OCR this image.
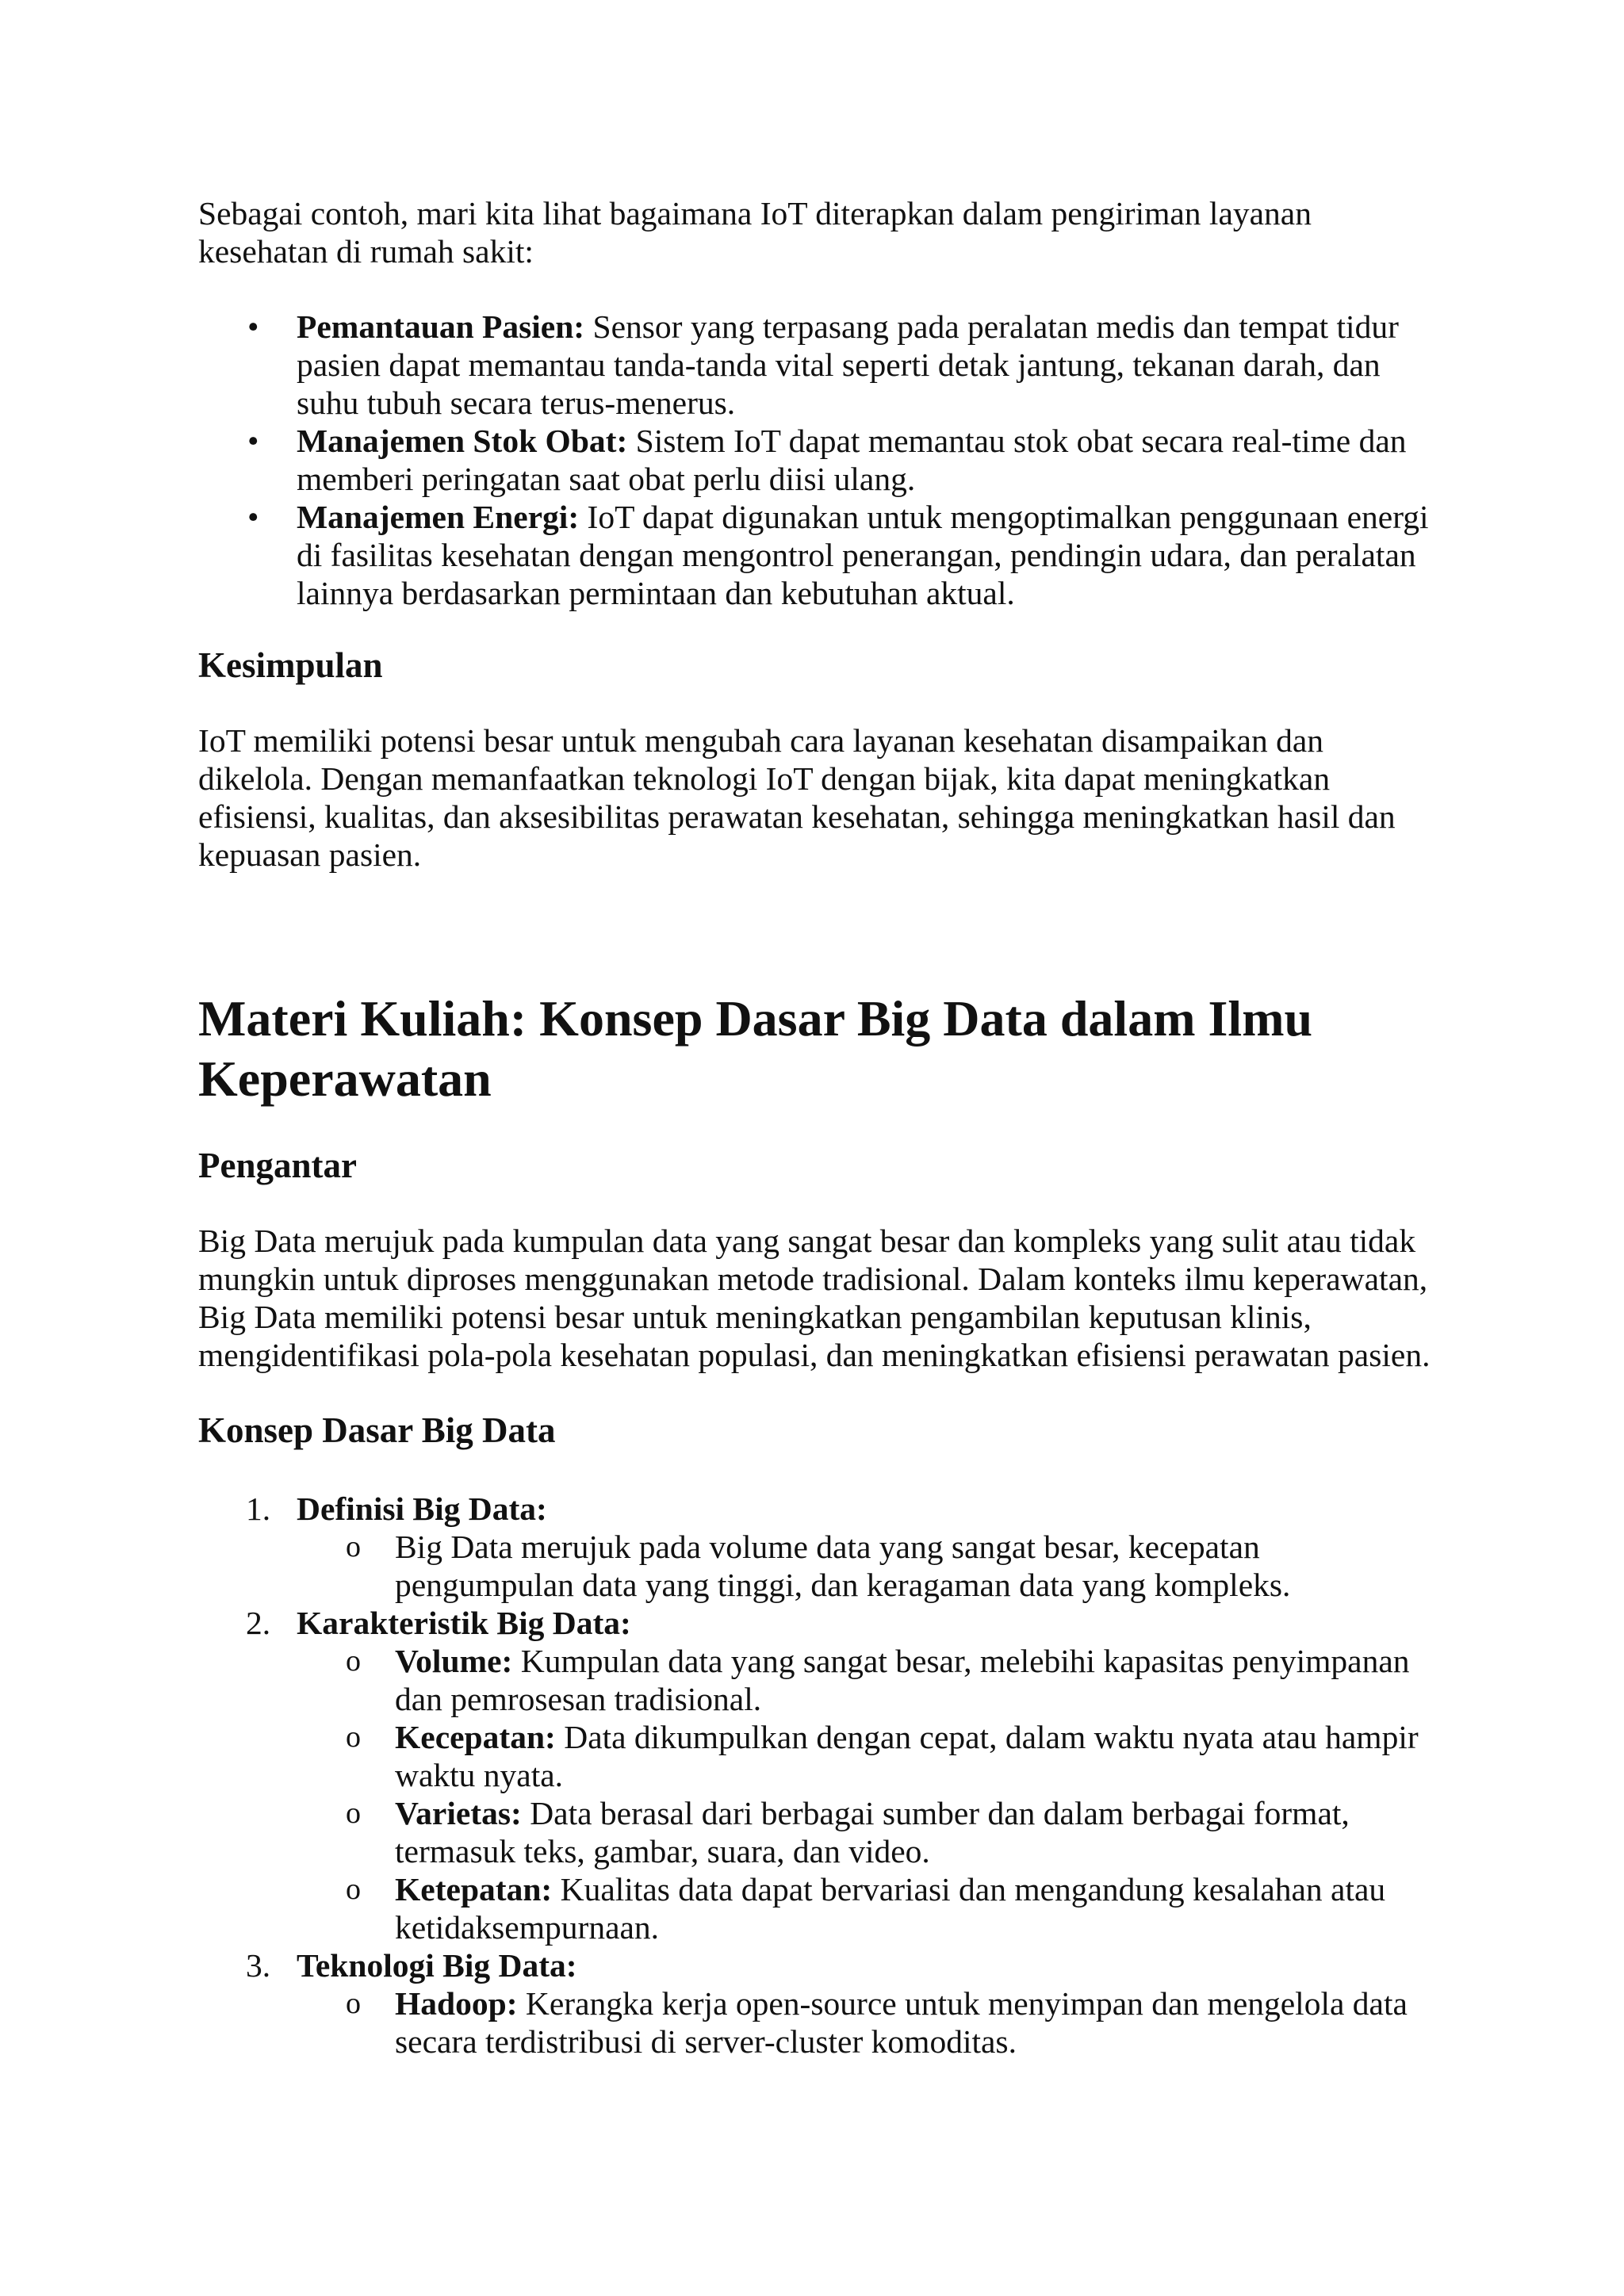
Sebagai contoh, mari kita lihat bagaimana IoT diterapkan dalam pengiriman layanan kesehatan di rumah sakit:

•	Pemantauan Pasien: Sensor yang terpasang pada peralatan medis dan tempat tidur pasien dapat memantau tanda-tanda vital seperti detak jantung, tekanan darah, dan suhu tubuh secara terus-menerus.
•	Manajemen Stok Obat: Sistem IoT dapat memantau stok obat secara real-time dan memberi peringatan saat obat perlu diisi ulang.
•	Manajemen Energi: IoT dapat digunakan untuk mengoptimalkan penggunaan energi di fasilitas kesehatan dengan mengontrol penerangan, pendingin udara, dan peralatan lainnya berdasarkan permintaan dan kebutuhan aktual.
Kesimpulan

IoT memiliki potensi besar untuk mengubah cara layanan kesehatan disampaikan dan dikelola. Dengan memanfaatkan teknologi IoT dengan bijak, kita dapat meningkatkan efisiensi, kualitas, dan aksesibilitas perawatan kesehatan, sehingga meningkatkan hasil dan kepuasan pasien.

Materi Kuliah: Konsep Dasar Big Data dalam Ilmu Keperawatan
Pengantar

Big Data merujuk pada kumpulan data yang sangat besar dan kompleks yang sulit atau tidak mungkin untuk diproses menggunakan metode tradisional. Dalam konteks ilmu keperawatan, Big Data memiliki potensi besar untuk meningkatkan pengambilan keputusan klinis, mengidentifikasi pola-pola kesehatan populasi, dan meningkatkan efisiensi perawatan pasien.

Konsep Dasar Big Data
1. Definisi Big Data:
o Big Data merujuk pada volume data yang sangat besar, kecepatan pengumpulan data yang tinggi, dan keragaman data yang kompleks.
2. Karakteristik Big Data:
o Volume: Kumpulan data yang sangat besar, melebihi kapasitas penyimpanan dan pemrosesan tradisional.
o Kecepatan: Data dikumpulkan dengan cepat, dalam waktu nyata atau hampir waktu nyata.
o Varietas: Data berasal dari berbagai sumber dan dalam berbagai format, termasuk teks, gambar, suara, dan video.
o Ketepatan: Kualitas data dapat bervariasi dan mengandung kesalahan atau ketidaksempurnaan.
3. Teknologi Big Data:
o Hadoop: Kerangka kerja open-source untuk menyimpan dan mengelola data secara terdistribusi di server-cluster komoditas.
